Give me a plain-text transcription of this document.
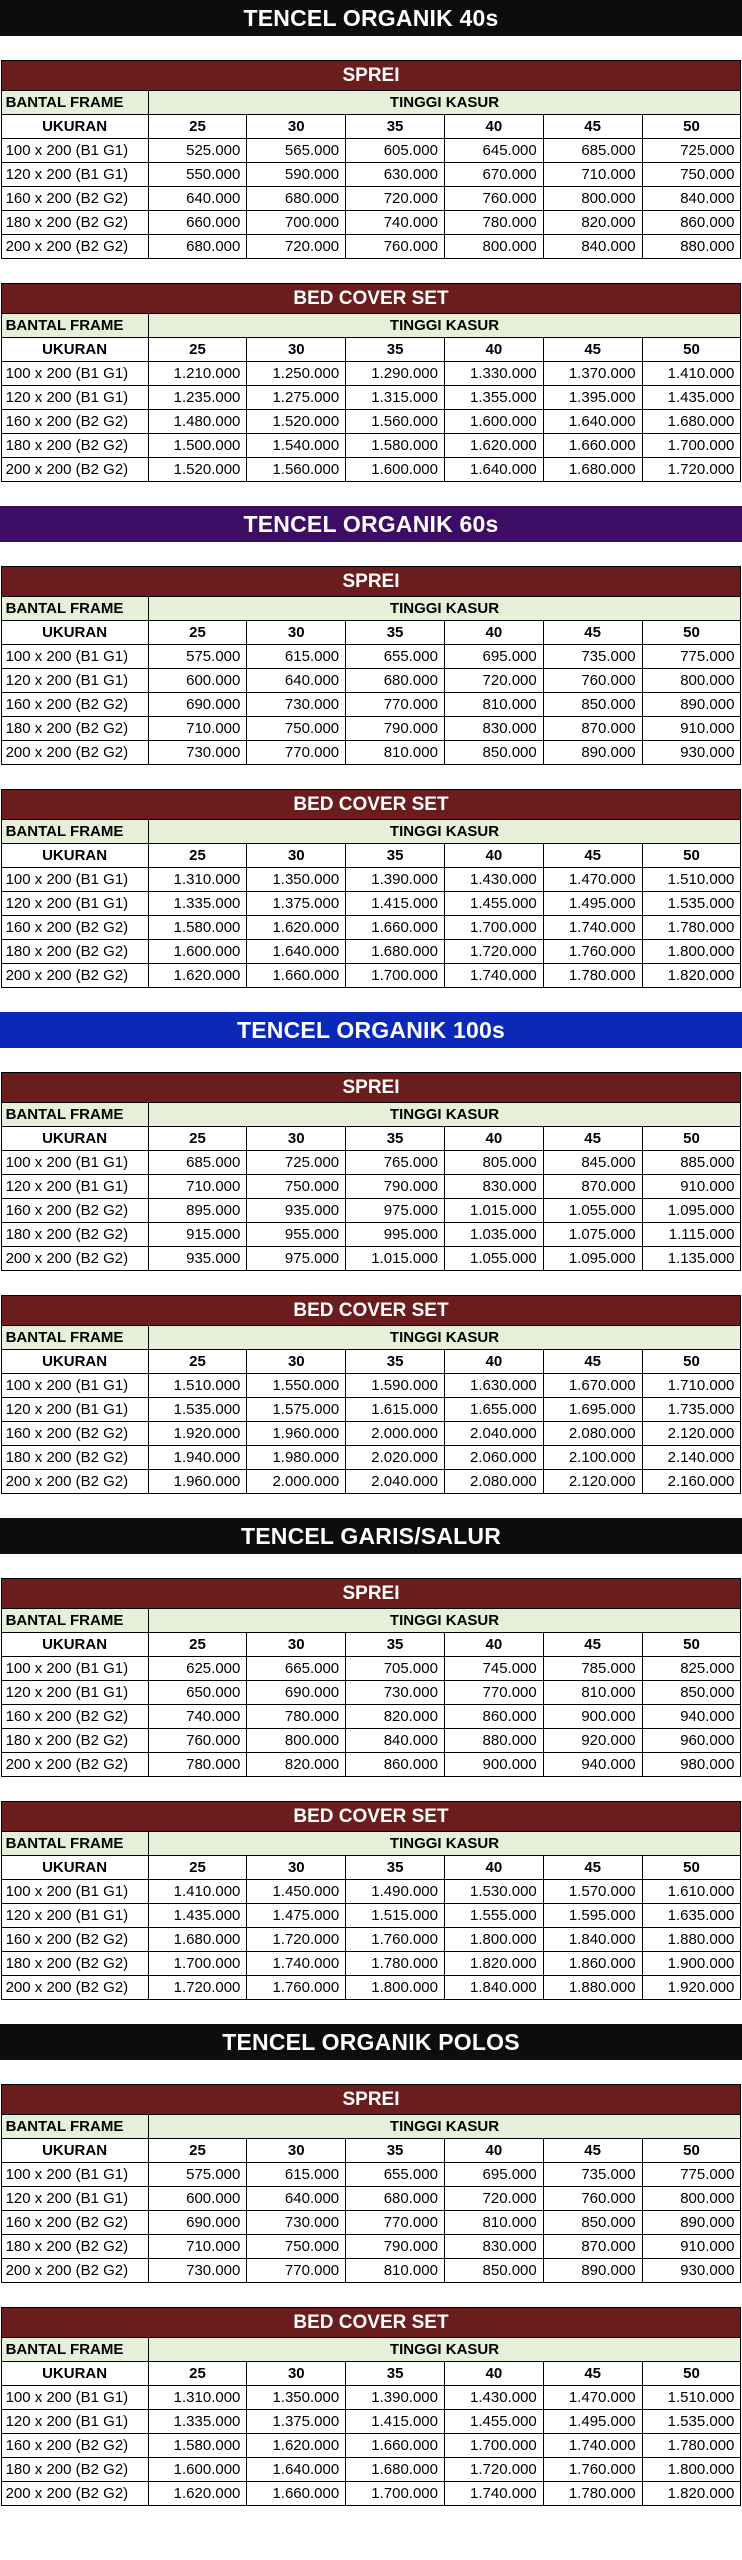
TENCEL ORGANIK 40s
SPREI						
BANTAL FRAME	TINGGI KASUR					
UKURAN	25	30	35	40	45	50
100 x 200 (B1 G1)	525.000	565.000	605.000	645.000	685.000	725.000
120 x 200 (B1 G1)	550.000	590.000	630.000	670.000	710.000	750.000
160 x 200 (B2 G2)	640.000	680.000	720.000	760.000	800.000	840.000
180 x 200 (B2 G2)	660.000	700.000	740.000	780.000	820.000	860.000
200 x 200 (B2 G2)	680.000	720.000	760.000	800.000	840.000	880.000
BED COVER SET						
BANTAL FRAME	TINGGI KASUR					
UKURAN	25	30	35	40	45	50
100 x 200 (B1 G1)	1.210.000	1.250.000	1.290.000	1.330.000	1.370.000	1.410.000
120 x 200 (B1 G1)	1.235.000	1.275.000	1.315.000	1.355.000	1.395.000	1.435.000
160 x 200 (B2 G2)	1.480.000	1.520.000	1.560.000	1.600.000	1.640.000	1.680.000
180 x 200 (B2 G2)	1.500.000	1.540.000	1.580.000	1.620.000	1.660.000	1.700.000
200 x 200 (B2 G2)	1.520.000	1.560.000	1.600.000	1.640.000	1.680.000	1.720.000
TENCEL ORGANIK 60s
SPREI						
BANTAL FRAME	TINGGI KASUR					
UKURAN	25	30	35	40	45	50
100 x 200 (B1 G1)	575.000	615.000	655.000	695.000	735.000	775.000
120 x 200 (B1 G1)	600.000	640.000	680.000	720.000	760.000	800.000
160 x 200 (B2 G2)	690.000	730.000	770.000	810.000	850.000	890.000
180 x 200 (B2 G2)	710.000	750.000	790.000	830.000	870.000	910.000
200 x 200 (B2 G2)	730.000	770.000	810.000	850.000	890.000	930.000
BED COVER SET						
BANTAL FRAME	TINGGI KASUR					
UKURAN	25	30	35	40	45	50
100 x 200 (B1 G1)	1.310.000	1.350.000	1.390.000	1.430.000	1.470.000	1.510.000
120 x 200 (B1 G1)	1.335.000	1.375.000	1.415.000	1.455.000	1.495.000	1.535.000
160 x 200 (B2 G2)	1.580.000	1.620.000	1.660.000	1.700.000	1.740.000	1.780.000
180 x 200 (B2 G2)	1.600.000	1.640.000	1.680.000	1.720.000	1.760.000	1.800.000
200 x 200 (B2 G2)	1.620.000	1.660.000	1.700.000	1.740.000	1.780.000	1.820.000
TENCEL ORGANIK 100s
SPREI						
BANTAL FRAME	TINGGI KASUR					
UKURAN	25	30	35	40	45	50
100 x 200 (B1 G1)	685.000	725.000	765.000	805.000	845.000	885.000
120 x 200 (B1 G1)	710.000	750.000	790.000	830.000	870.000	910.000
160 x 200 (B2 G2)	895.000	935.000	975.000	1.015.000	1.055.000	1.095.000
180 x 200 (B2 G2)	915.000	955.000	995.000	1.035.000	1.075.000	1.115.000
200 x 200 (B2 G2)	935.000	975.000	1.015.000	1.055.000	1.095.000	1.135.000
BED COVER SET						
BANTAL FRAME	TINGGI KASUR					
UKURAN	25	30	35	40	45	50
100 x 200 (B1 G1)	1.510.000	1.550.000	1.590.000	1.630.000	1.670.000	1.710.000
120 x 200 (B1 G1)	1.535.000	1.575.000	1.615.000	1.655.000	1.695.000	1.735.000
160 x 200 (B2 G2)	1.920.000	1.960.000	2.000.000	2.040.000	2.080.000	2.120.000
180 x 200 (B2 G2)	1.940.000	1.980.000	2.020.000	2.060.000	2.100.000	2.140.000
200 x 200 (B2 G2)	1.960.000	2.000.000	2.040.000	2.080.000	2.120.000	2.160.000
TENCEL GARIS/SALUR
SPREI						
BANTAL FRAME	TINGGI KASUR					
UKURAN	25	30	35	40	45	50
100 x 200 (B1 G1)	625.000	665.000	705.000	745.000	785.000	825.000
120 x 200 (B1 G1)	650.000	690.000	730.000	770.000	810.000	850.000
160 x 200 (B2 G2)	740.000	780.000	820.000	860.000	900.000	940.000
180 x 200 (B2 G2)	760.000	800.000	840.000	880.000	920.000	960.000
200 x 200 (B2 G2)	780.000	820.000	860.000	900.000	940.000	980.000
BED COVER SET						
BANTAL FRAME	TINGGI KASUR					
UKURAN	25	30	35	40	45	50
100 x 200 (B1 G1)	1.410.000	1.450.000	1.490.000	1.530.000	1.570.000	1.610.000
120 x 200 (B1 G1)	1.435.000	1.475.000	1.515.000	1.555.000	1.595.000	1.635.000
160 x 200 (B2 G2)	1.680.000	1.720.000	1.760.000	1.800.000	1.840.000	1.880.000
180 x 200 (B2 G2)	1.700.000	1.740.000	1.780.000	1.820.000	1.860.000	1.900.000
200 x 200 (B2 G2)	1.720.000	1.760.000	1.800.000	1.840.000	1.880.000	1.920.000
TENCEL ORGANIK POLOS
SPREI						
BANTAL FRAME	TINGGI KASUR					
UKURAN	25	30	35	40	45	50
100 x 200 (B1 G1)	575.000	615.000	655.000	695.000	735.000	775.000
120 x 200 (B1 G1)	600.000	640.000	680.000	720.000	760.000	800.000
160 x 200 (B2 G2)	690.000	730.000	770.000	810.000	850.000	890.000
180 x 200 (B2 G2)	710.000	750.000	790.000	830.000	870.000	910.000
200 x 200 (B2 G2)	730.000	770.000	810.000	850.000	890.000	930.000
BED COVER SET						
BANTAL FRAME	TINGGI KASUR					
UKURAN	25	30	35	40	45	50
100 x 200 (B1 G1)	1.310.000	1.350.000	1.390.000	1.430.000	1.470.000	1.510.000
120 x 200 (B1 G1)	1.335.000	1.375.000	1.415.000	1.455.000	1.495.000	1.535.000
160 x 200 (B2 G2)	1.580.000	1.620.000	1.660.000	1.700.000	1.740.000	1.780.000
180 x 200 (B2 G2)	1.600.000	1.640.000	1.680.000	1.720.000	1.760.000	1.800.000
200 x 200 (B2 G2)	1.620.000	1.660.000	1.700.000	1.740.000	1.780.000	1.820.000
